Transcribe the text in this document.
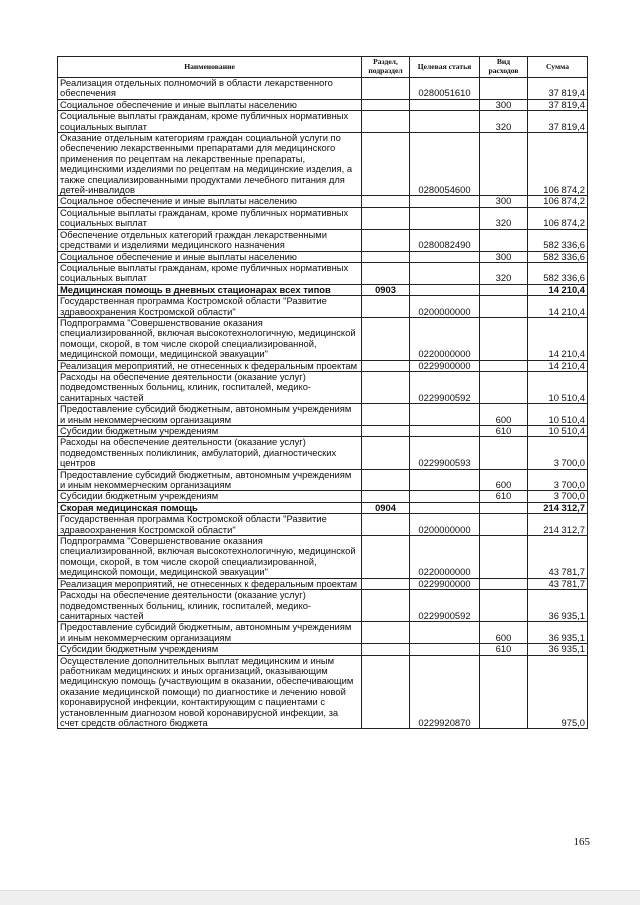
Наименование	Раздел, подраздел	Целевая статья	Вид расходов	Сумма
Реализация отдельных полномочий в области лекарственного обеспечения		0280051610		37 819,4
Социальное обеспечение и иные выплаты населению			300	37 819,4
Социальные выплаты гражданам, кроме публичных нормативных социальных выплат			320	37 819,4
Оказание отдельным категориям граждан социальной услуги по обеспечению лекарственными препаратами для медицинского применения по рецептам на лекарственные препараты, медицинскими изделиями по рецептам на медицинские изделия, а также специализированными продуктами лечебного питания для детей-инвалидов		0280054600		106 874,2
Социальное обеспечение и иные выплаты населению			300	106 874,2
Социальные выплаты гражданам, кроме публичных нормативных социальных выплат			320	106 874,2
Обеспечение отдельных категорий граждан лекарственными средствами и изделиями медицинского назначения		0280082490		582 336,6
Социальное обеспечение и иные выплаты населению			300	582 336,6
Социальные выплаты гражданам, кроме публичных нормативных социальных выплат			320	582 336,6
Медицинская помощь в дневных стационарах всех типов	0903			14 210,4
Государственная программа Костромской области "Развитие здравоохранения Костромской области"		0200000000		14 210,4
Подпрограмма "Совершенствование оказания специализированной, включая высокотехнологичную, медицинской помощи, скорой, в том числе скорой специализированной, медицинской помощи, медицинской эвакуации"		0220000000		14 210,4
Реализация мероприятий, не отнесенных к федеральным проектам		0229900000		14 210,4
Расходы на обеспечение деятельности (оказание услуг) подведомственных больниц, клиник, госпиталей, медико-санитарных частей		0229900592		10 510,4
Предоставление субсидий бюджетным, автономным учреждениям и иным некоммерческим организациям			600	10 510,4
Субсидии бюджетным учреждениям			610	10 510,4
Расходы на обеспечение деятельности (оказание услуг) подведомственных поликлиник, амбулаторий, диагностических центров		0229900593		3 700,0
Предоставление субсидий бюджетным, автономным учреждениям и иным некоммерческим организациям			600	3 700,0
Субсидии бюджетным учреждениям			610	3 700,0
Скорая медицинская помощь	0904			214 312,7
Государственная программа Костромской области "Развитие здравоохранения Костромской области"		0200000000		214 312,7
Подпрограмма "Совершенствование оказания специализированной, включая высокотехнологичную, медицинской помощи, скорой, в том числе скорой специализированной, медицинской помощи, медицинской эвакуации"		0220000000		43 781,7
Реализация мероприятий, не отнесенных к федеральным проектам		0229900000		43 781,7
Расходы на обеспечение деятельности (оказание услуг) подведомственных больниц, клиник, госпиталей, медико-санитарных частей		0229900592		36 935,1
Предоставление субсидий бюджетным, автономным учреждениям и иным некоммерческим организациям			600	36 935,1
Субсидии бюджетным учреждениям			610	36 935,1
Осуществление дополнительных выплат медицинским и иным работникам медицинских и иных организаций, оказывающим медицинскую помощь (участвующим в оказании, обеспечивающим оказание медицинской помощи) по диагностике и лечению новой коронавирусной инфекции, контактирующим с пациентами с установленным диагнозом новой коронавирусной инфекции, за счет средств областного бюджета		0229920870		975,0
165
